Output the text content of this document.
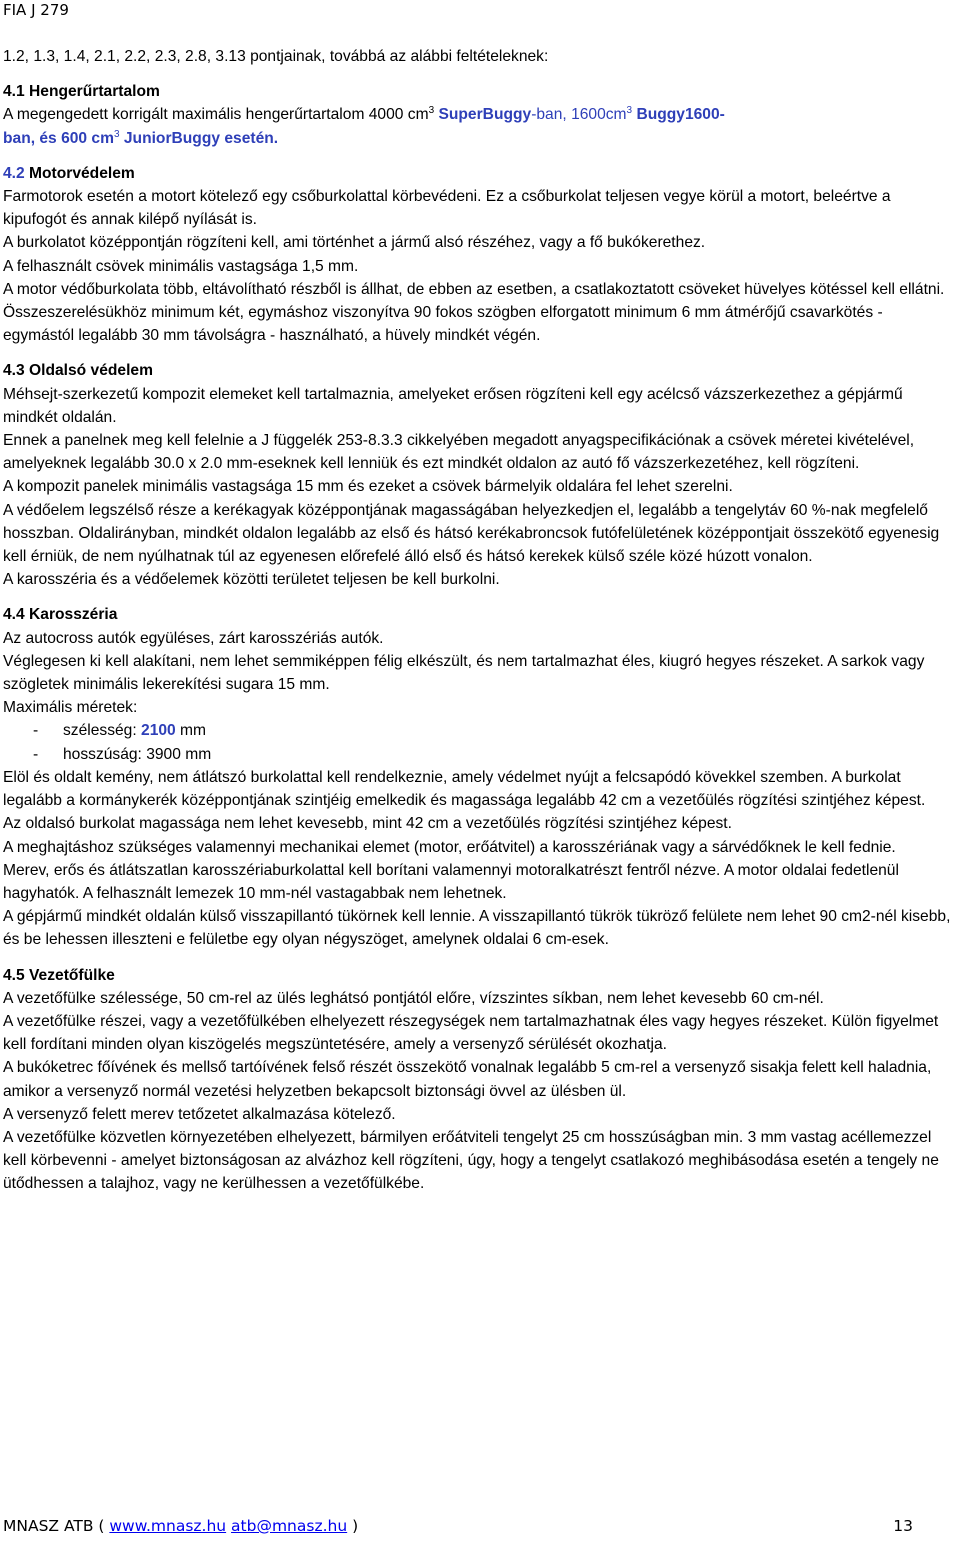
FIA J 279

1.2, 1.3, 1.4, 2.1, 2.2, 2.3, 2.8, 3.13 pontjainak, továbbá az alábbi feltételeknek:

4.1 Hengerűrtartalom

A megengedett korrigált maximális hengerűrtartalom 4000 $cm^3$ SuperBuggy-ban, $1600cm^3$ Buggy1600-
ban, és 600 $cm^3$ JuniorBuggy esetén.

4.2 Motorvédelem

Farmotorok esetén a motort kötelező egy csőburkolattal körbevédeni. Ez a csőburkolat teljesen vegye körül a motort, beleértve a kipufogót és annak kilépő nyílását is.

A burkolatot középpontján rögzíteni kell, ami történhet a jármű alsó részéhez, vagy a fő bukókerethez.

A felhasznált csövek minimális vastagsága 1,5 mm.

A motor védőburkolata több, eltávolítható részből is állhat, de ebben az esetben, a csatlakoztatott csöveket hüvelyes kötéssel kell ellátni. Összeszerelésükhöz minimum két, egymáshoz viszonyítva 90 fokos szögben elforgatott minimum 6 mm átmérőjű csavarkötés - egymástól legalább 30 mm távolságra - használható, a hüvely mindkét végén.

4.3 Oldalsó védelem

Méhsejt-szerkezetű kompozit elemeket kell tartalmaznia, amelyeket erősen rögzíteni kell egy acélcső vázszerkezethez a gépjármű mindkét oldalán.

Ennek a panelnek meg kell felelnie a J függelék 253-8.3.3 cikkelyében megadott anyagspecifikációnak a csövek méretei kivételével, amelyeknek legalább 30.0 x 2.0 mm-eseknek kell lenniük és ezt mindkét oldalon az autó fő vázszerkezetéhez, kell rögzíteni.

A kompozit panelek minimális vastagsága 15 mm és ezeket a csövek bármelyik oldalára fel lehet szerelni.

A védőelem legszélső része a kerékagyak középpontjának magasságában helyezkedjen el, legalább a tengelytáv 60 %-nak megfelelő hosszban. Oldalirányban, mindkét oldalon legalább az első és hátsó kerékabroncsok futófelületének középpontjait összekötő egyenesig kell érniük, de nem nyúlhatnak túl az egyenesen előrefelé álló első és hátsó kerekek külső széle közé húzott vonalon.

A karosszéria és a védőelemek közötti területet teljesen be kell burkolni.

4.4 Karosszéria

Az autocross autók együléses, zárt karosszériás autók.

Véglegesen ki kell alakítani, nem lehet semmiképpen félig elkészült, és nem tartalmazhat éles, kiugró hegyes részeket. A sarkok vagy szögletek minimális lekerekítési sugara 15 mm.

Maximális méretek:

- szélesség: 2100 mm

- hosszúság: 3900 mm

Elöl és oldalt kemény, nem átlátszó burkolattal kell rendelkeznie, amely védelmet nyújt a felcsapódó kövekkel szemben. A burkolat legalább a kormánykerék középpontjának szintjéig emelkedik és magassága legalább 42 cm a vezetőülés rögzítési szintjéhez képest.

Az oldalsó burkolat magassága nem lehet kevesebb, mint 42 cm a vezetőülés rögzítési szintjéhez képest.

A meghajtáshoz szükséges valamennyi mechanikai elemet (motor, erőátvitel) a karosszériának vagy a sárvédőknek le kell fednie.

Merev, erős és átlátszatlan karosszériaburkolattal kell borítani valamennyi motoralkatrészt fentről nézve. A motor oldalai fedetlenül hagyhatók. A felhasznált lemezek 10 mm-nél vastagabbak nem lehetnek.

A gépjármű mindkét oldalán külső visszapillantó tükörnek kell lennie. A visszapillantó tükrök tükröző felülete nem lehet 90 cm2-nél kisebb, és be lehessen illeszteni e felületbe egy olyan négyszöget, amelynek oldalai 6 cm-esek.

4.5 Vezetőfülke

A vezetőfülke szélessége, 50 cm-rel az ülés leghátsó pontjától előre, vízszintes síkban, nem lehet kevesebb 60 cm-nél.

A vezetőfülke részei, vagy a vezetőfülkében elhelyezett részegységek nem tartalmazhatnak éles vagy hegyes részeket. Külön figyelmet kell fordítani minden olyan kiszögelés megszüntetésére, amely a versenyző sérülését okozhatja.

A bukóketrec főívének és mellső tartóívének felső részét összekötő vonalnak legalább 5 cm-rel a versenyző sisakja felett kell haladnia, amikor a versenyző normál vezetési helyzetben bekapcsolt biztonsági övvel az ülésben ül.

A versenyző felett merev tetőzetet alkalmazása kötelező.

A vezetőfülke közvetlen környezetében elhelyezett, bármilyen erőátviteli tengelyt 25 cm hosszúságban min. 3 mm vastag acéllemezzel kell körbevenni - amelyet biztonságosan az alvázhoz kell rögzíteni, úgy, hogy a tengelyt csatlakozó meghibásodása esetén a tengely ne ütődhessen a talajhoz, vagy ne kerülhessen a vezetőfülkébe.

MNASZ ATB ( www.mnasz.hu atb@mnasz.hu )	13
